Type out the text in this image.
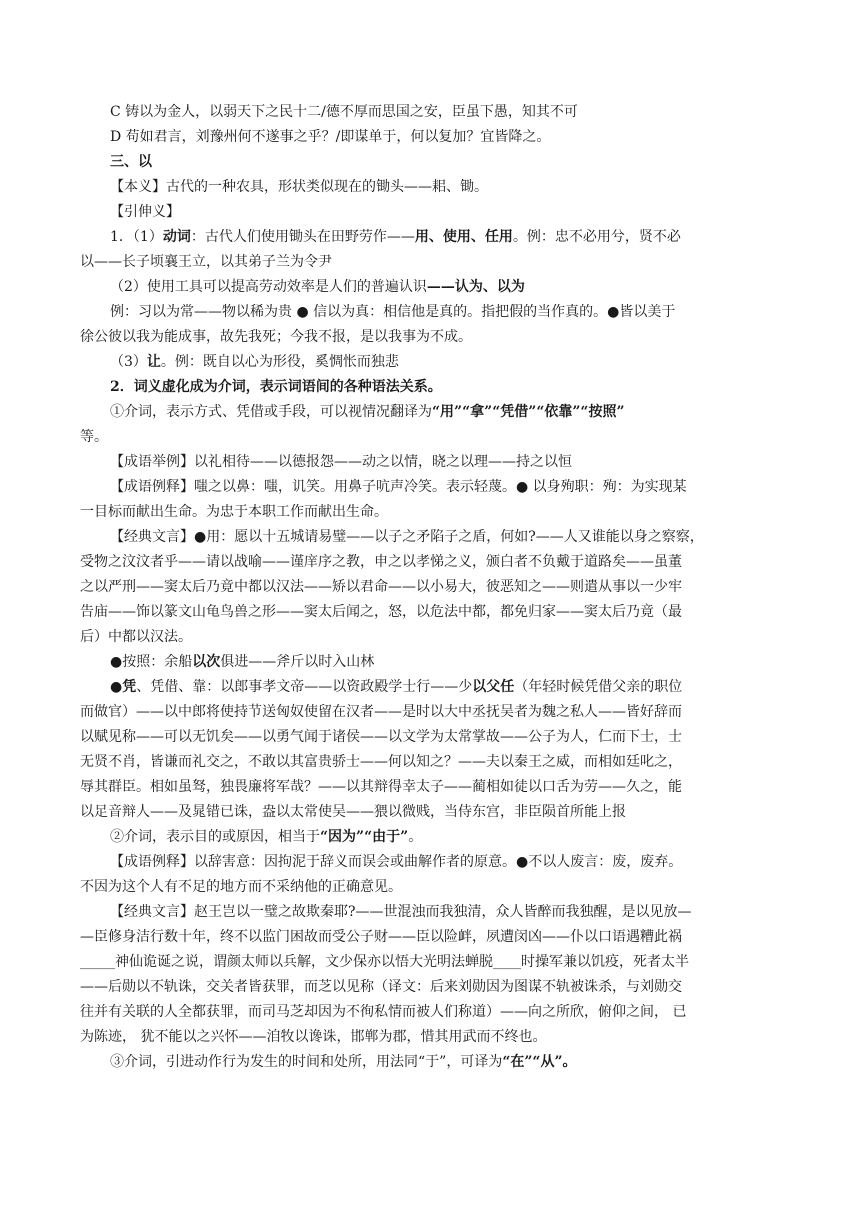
C 铸以为金人，以弱天下之民十二/德不厚而思国之安，臣虽下愚，知其不可
D 苟如君言，刘豫州何不遂事之乎？/即谋单于，何以复加？宜皆降之。
三、以
【本义】古代的一种农具，形状类似现在的锄头——耜、锄。
【引伸义】
1．（1）动词：古代人们使用锄头在田野劳作——用、使用、任用。例：忠不必用兮，贤不必
以——长子顷襄王立，以其弟子兰为令尹
（2）使用工具可以提高劳动效率是人们的普遍认识——认为、以为
例：习以为常——物以稀为贵 ● 信以为真：相信他是真的。指把假的当作真的。●皆以美于
徐公彼以我为能成事，故先我死；今我不报，是以我事为不成。
（3）让。例：既自以心为形役，奚惆怅而独悲
2．词义虚化成为介词，表示词语间的各种语法关系。
①介词，表示方式、凭借或手段，可以视情况翻译为“用”“拿”“凭借”“依靠”“按照”
等。
【成语举例】以礼相待——以德报怨——动之以情，晓之以理——持之以恒
【成语例释】嗤之以鼻：嗤，讥笑。用鼻子吭声冷笑。表示轻蔑。● 以身殉职：殉：为实现某
一目标而献出生命。为忠于本职工作而献出生命。
【经典文言】●用：愿以十五城请易璧——以子之矛陷子之盾，何如?——人又谁能以身之察察，
受物之汶汶者乎——请以战喻——谨庠序之教，申之以孝悌之义，颁白者不负戴于道路矣——虽董
之以严刑——窦太后乃竟中都以汉法——矫以君命——以小易大，彼恶知之——则遣从事以一少牢
告庙——饰以篆文山龟鸟兽之形——窦太后闻之，怒，以危法中都，都免归家——窦太后乃竟（最
后）中都以汉法。
●按照：余船以次俱进——斧斤以时入山林
●凭、凭借、靠：以郎事孝文帝——以资政殿学士行——少以父任（年轻时候凭借父亲的职位
而做官）——以中郎将使持节送匈奴使留在汉者——是时以大中丞抚吴者为魏之私人——皆好辞而
以赋见称——可以无饥矣——以勇气闻于诸侯——以文学为太常掌故——公子为人，仁而下士，士
无贤不肖，皆谦而礼交之，不敢以其富贵骄士——何以知之？——夫以秦王之威，而相如廷叱之，
辱其群臣。相如虽驽，独畏廉将军哉？——以其辩得幸太子——蔺相如徒以口舌为劳——久之，能
以足音辩人——及晁错已诛，盎以太常使吴——猥以微贱，当侍东宫，非臣陨首所能上报
②介词，表示目的或原因，相当于“因为”“由于”。
【成语例释】以辞害意：因拘泥于辞义而误会或曲解作者的原意。●不以人废言：废，废弃。
不因为这个人有不足的地方而不采纳他的正确意见。
【经典文言】赵王岂以一璧之故欺秦耶?——世混浊而我独清，众人皆醉而我独醒，是以见放—
—臣修身洁行数十年，终不以监门困故而受公子财——臣以险衅，夙遭闵凶——仆以口语遇糟此祸
_____神仙诡诞之说，谓颜太师以兵解，文少保亦以悟大光明法蝉脱____时操军兼以饥疫，死者太半
——后勋以不轨诛，交关者皆获罪，而芝以见称（译文：后来刘勋因为图谋不轨被诛杀，与刘勋交
往并有关联的人全都获罪，而司马芝却因为不徇私情而被人们称道）——向之所欣，俯仰之间， 已
为陈迹， 犹不能以之兴怀——洎牧以谗诛，邯郸为郡，惜其用武而不终也。
③介词，引进动作行为发生的时间和处所，用法同“于”，可译为“在”“从”。
